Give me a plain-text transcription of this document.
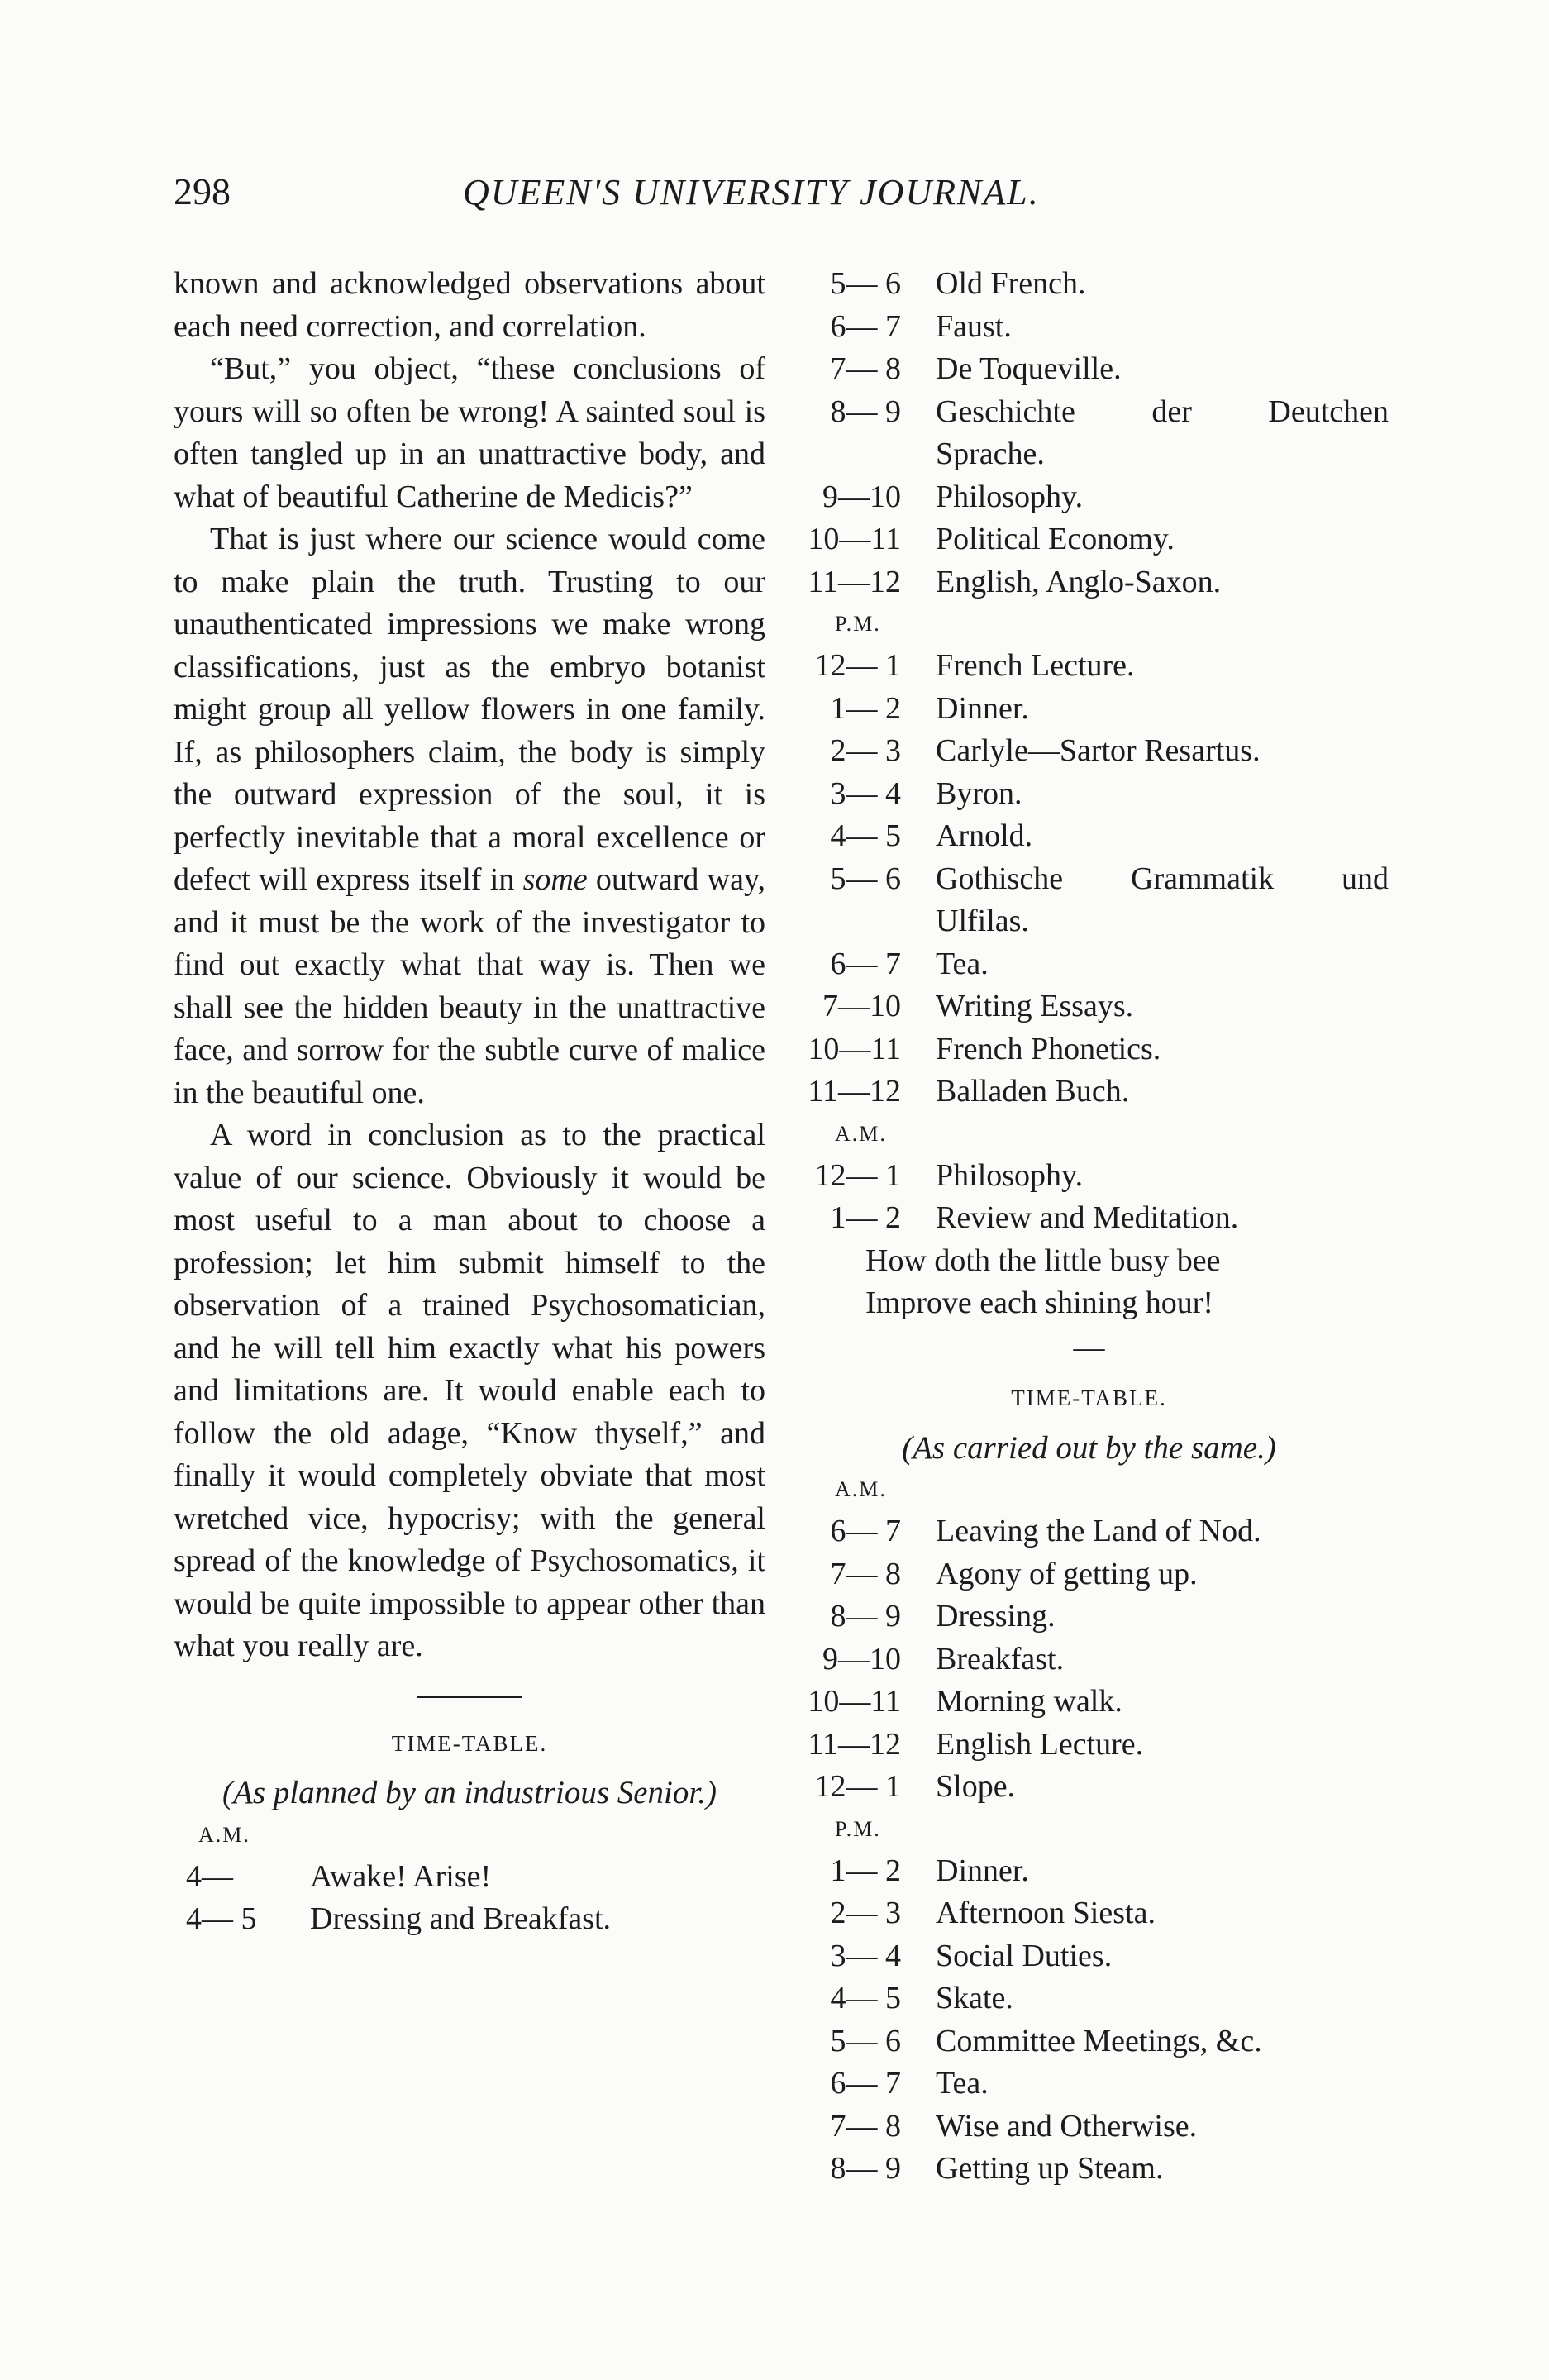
298	QUEEN'S UNIVERSITY JOURNAL.

known and acknowledged observations about each need correction, and correlation.

“But,” you object, “these conclusions of yours will so often be wrong! A sainted soul is often tangled up in an unattractive body, and what of beautiful Catherine de Medicis?”

That is just where our science would come to make plain the truth. Trusting to our unauthenticated impressions we make wrong classifications, just as the embryo botanist might group all yellow flowers in one family. If, as philosophers claim, the body is simply the outward expression of the soul, it is perfectly inevitable that a moral excellence or defect will express itself in some outward way, and it must be the work of the investigator to find out exactly what that way is. Then we shall see the hidden beauty in the unattractive face, and sorrow for the subtle curve of malice in the beautiful one.

A word in conclusion as to the practical value of our science. Obviously it would be most useful to a man about to choose a profession; let him submit himself to the observation of a trained Psychosomatician, and he will tell him exactly what his powers and limitations are. It would enable each to follow the old adage, “Know thyself,” and finally it would completely obviate that most wretched vice, hypocrisy; with the general spread of the knowledge of Psychosomatics, it would be quite impossible to appear other than what you really are.

TIME-TABLE.
(As planned by an industrious Senior.)
A.M.
4—	Awake! Arise!
4— 5	Dressing and Breakfast.
5— 6	Old French.
6— 7	Faust.
7— 8	De Toqueville.
8— 9	Geschichte der Deutchen
Sprache.
9—10	Philosophy.
10—11	Political Economy.
11—12	English, Anglo-Saxon.
P.M.
12— 1	French Lecture.
1— 2	Dinner.
2— 3	Carlyle—Sartor Resartus.
3— 4	Byron.
4— 5	Arnold.
5— 6	Gothische Grammatik und
Ulfilas.
6— 7	Tea.
7—10	Writing Essays.
10—11	French Phonetics.
11—12	Balladen Buch.
A.M.
12— 1	Philosophy.
1— 2	Review and Meditation.
How doth the little busy bee
Improve each shining hour!
—
TIME-TABLE.
(As carried out by the same.)
A.M.
6— 7	Leaving the Land of Nod.
7— 8	Agony of getting up.
8— 9	Dressing.
9—10	Breakfast.
10—11	Morning walk.
11—12	English Lecture.
12— 1	Slope.
P.M.
1— 2	Dinner.
2— 3	Afternoon Siesta.
3— 4	Social Duties.
4— 5	Skate.
5— 6	Committee Meetings, &c.
6— 7	Tea.
7— 8	Wise and Otherwise.
8— 9	Getting up Steam.
